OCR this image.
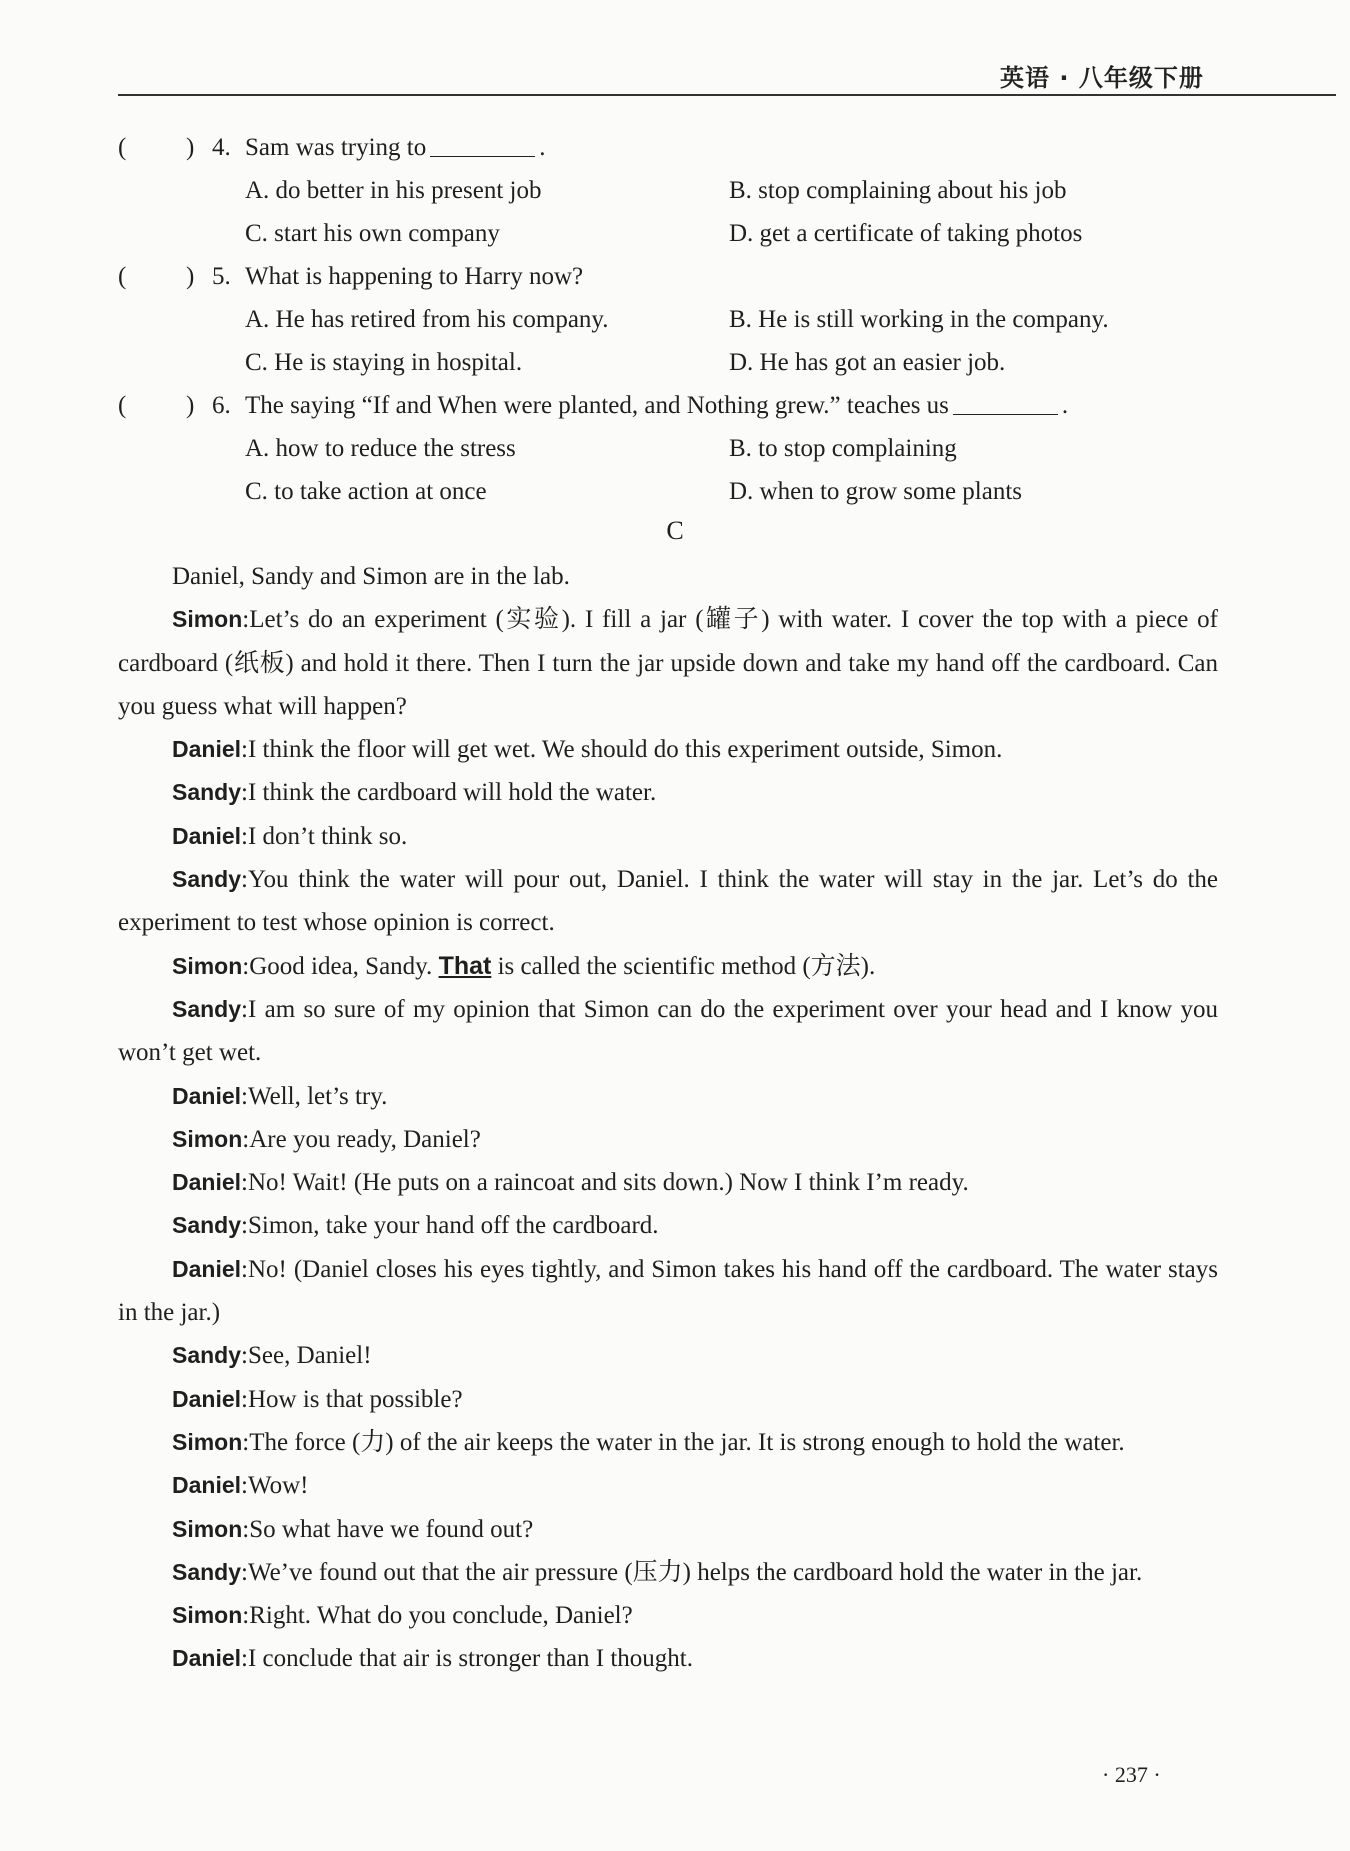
英语 · 八年级下册
( ) 4. Sam was trying to	.
A. do better in his present job	B. stop complaining about his job
C. start his own company	D. get a certificate of taking photos
( ) 5. What is happening to Harry now?
A. He has retired from his company.	B. He is still working in the company.
C. He is staying in hospital.	D. He has got an easier job.
( ) 6. The saying “If and When were planted, and Nothing grew.” teaches us	.
A. how to reduce the stress	B. to stop complaining
C. to take action at once	D. when to grow some plants
C

Daniel, Sandy and Simon are in the lab.

Simon:Let’s do an experiment (实验). I fill a jar (罐子) with water. I cover the top with a piece of cardboard (纸板) and hold it there. Then I turn the jar upside down and take my hand off the cardboard. Can you guess what will happen?

Daniel:I think the floor will get wet. We should do this experiment outside, Simon.

Sandy:I think the cardboard will hold the water.

Daniel:I don’t think so.

Sandy:You think the water will pour out, Daniel. I think the water will stay in the jar. Let’s do the experiment to test whose opinion is correct.

Simon:Good idea, Sandy. That is called the scientific method (方法).

Sandy:I am so sure of my opinion that Simon can do the experiment over your head and I know you won’t get wet.

Daniel:Well, let’s try.

Simon:Are you ready, Daniel?

Daniel:No! Wait! (He puts on a raincoat and sits down.) Now I think I’m ready.

Sandy:Simon, take your hand off the cardboard.

Daniel:No! (Daniel closes his eyes tightly, and Simon takes his hand off the cardboard. The water stays in the jar.)

Sandy:See, Daniel!

Daniel:How is that possible?

Simon:The force (力) of the air keeps the water in the jar. It is strong enough to hold the water.

Daniel:Wow!

Simon:So what have we found out?

Sandy:We’ve found out that the air pressure (压力) helps the cardboard hold the water in the jar.

Simon:Right. What do you conclude, Daniel?

Daniel:I conclude that air is stronger than I thought.

· 237 ·
